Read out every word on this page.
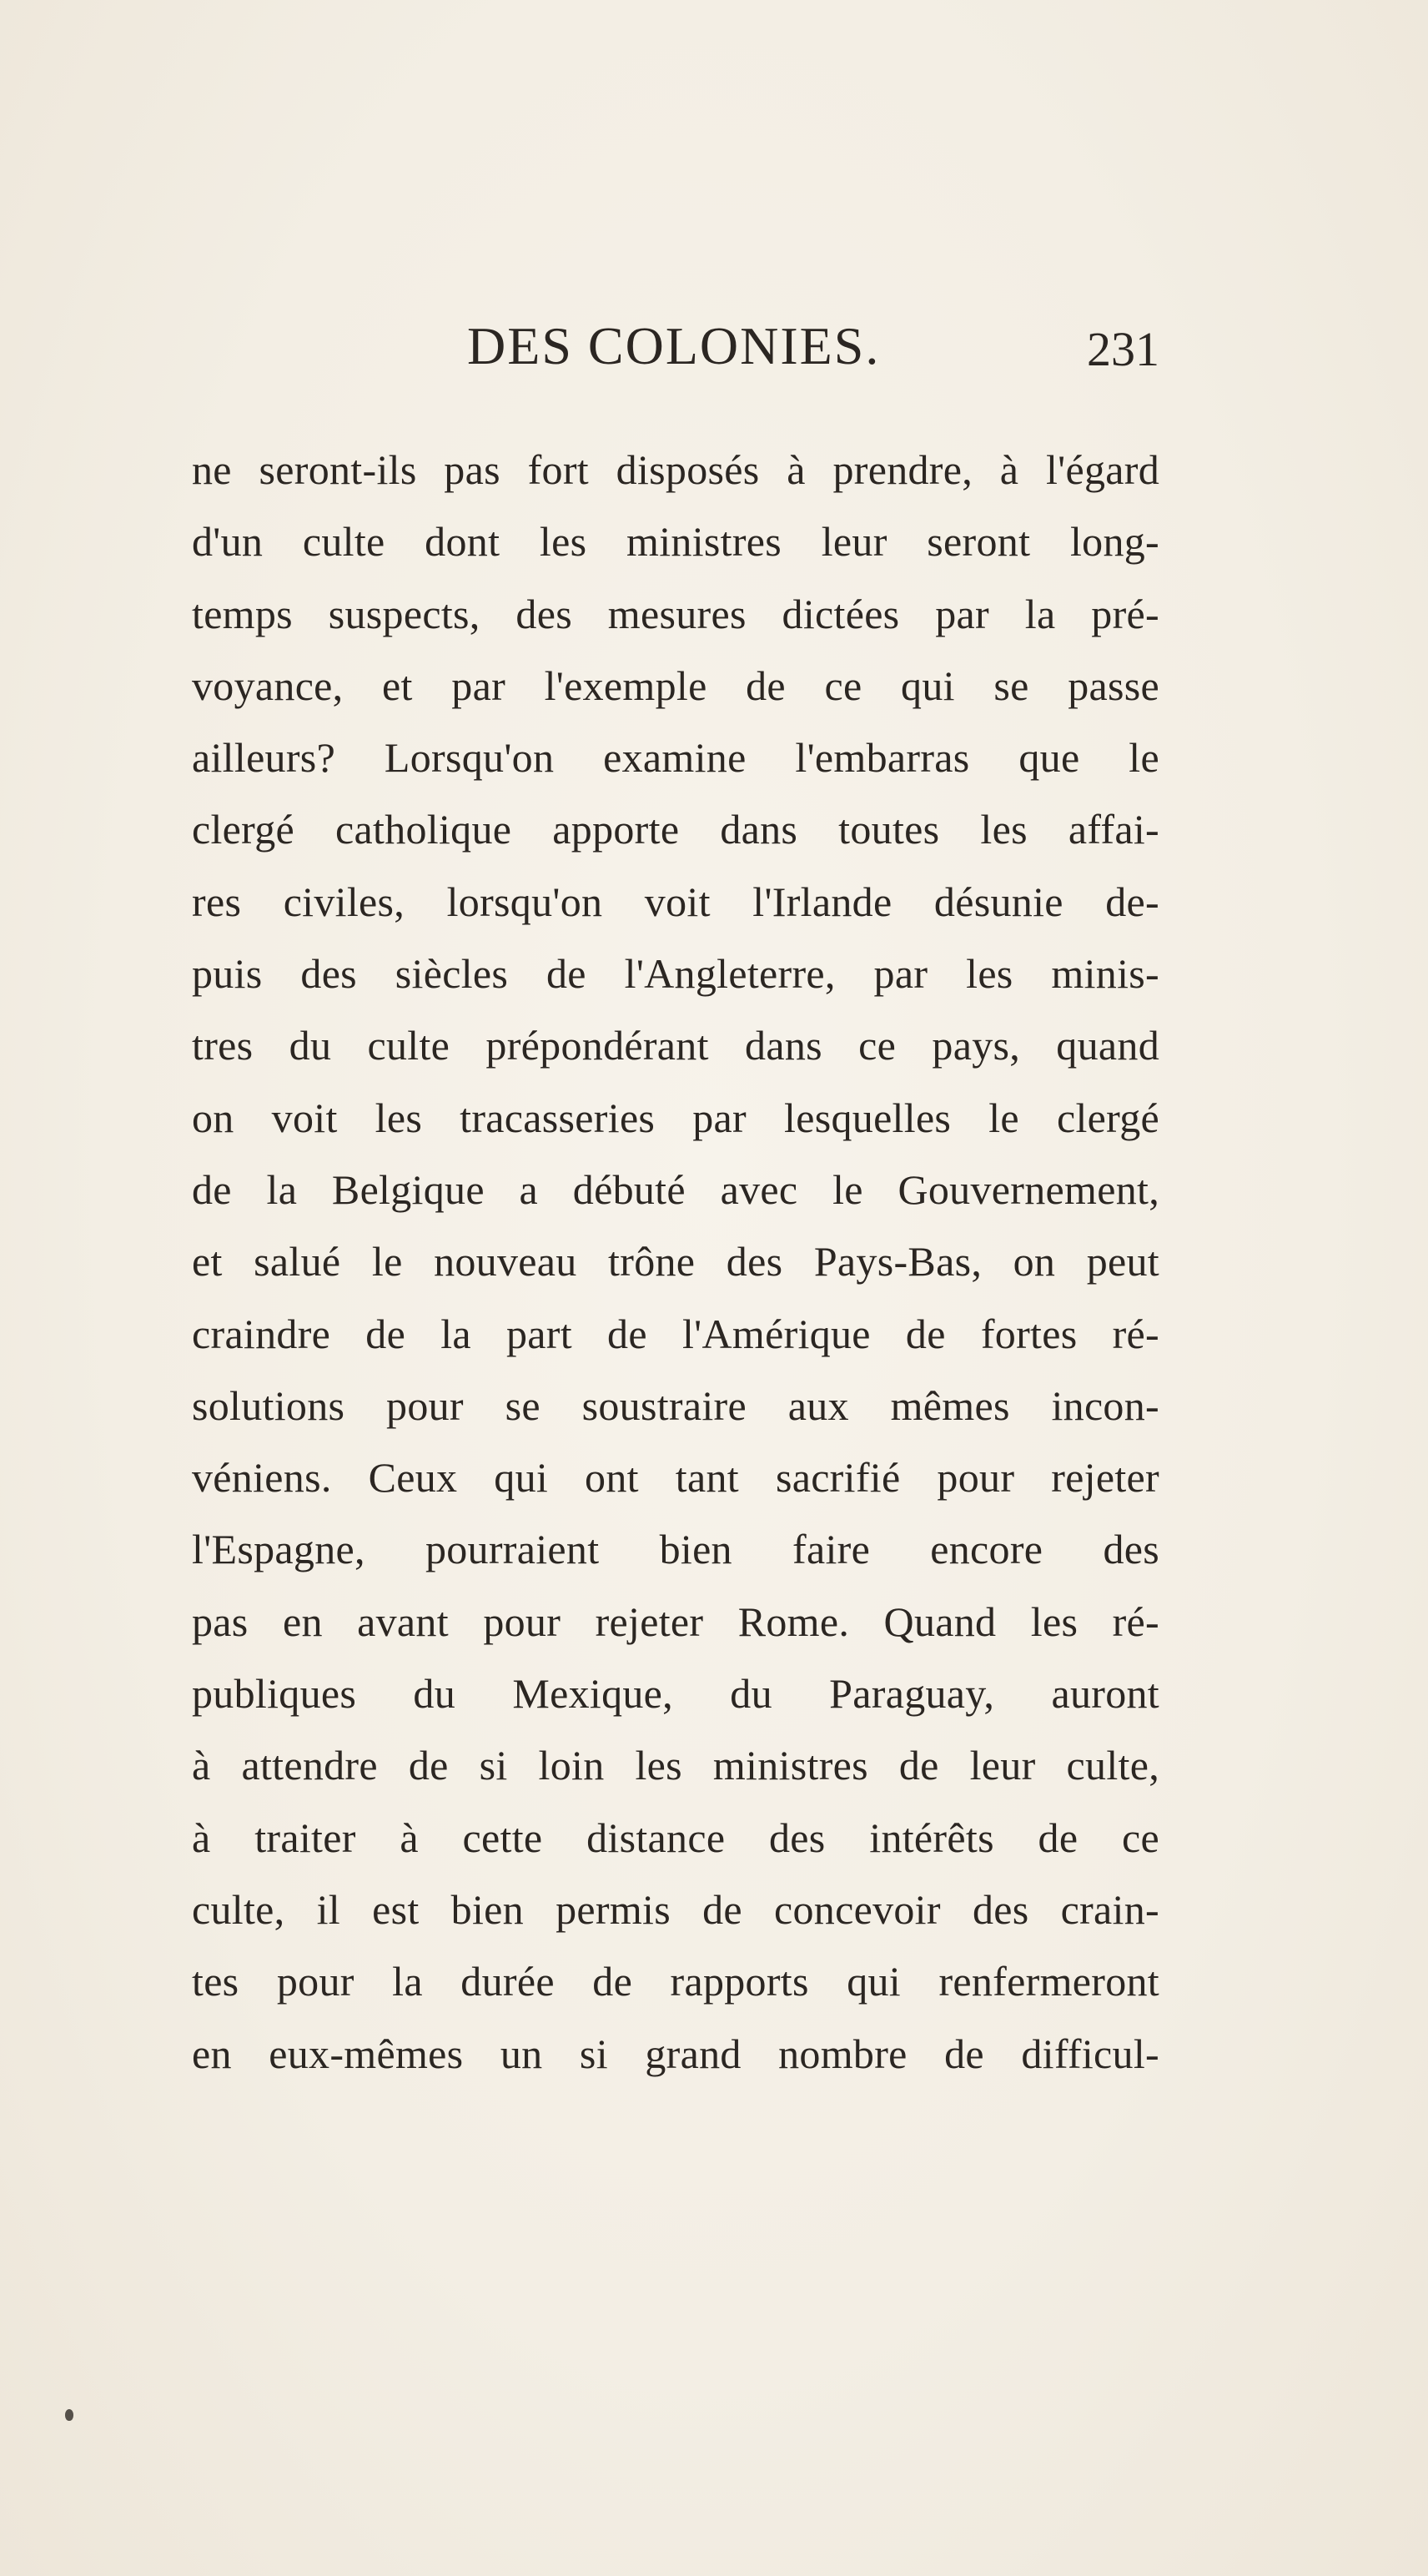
DES COLONIES.	231
ne seront-ils pas fort disposés à prendre, à l'égard
d'un culte dont les ministres leur seront long-
temps suspects, des mesures dictées par la pré-
voyance, et par l'exemple de ce qui se passe
ailleurs? Lorsqu'on examine l'embarras que le
clergé catholique apporte dans toutes les affai-
res civiles, lorsqu'on voit l'Irlande désunie de-
puis des siècles de l'Angleterre, par les minis-
tres du culte prépondérant dans ce pays, quand
on voit les tracasseries par lesquelles le clergé
de la Belgique a débuté avec le Gouvernement,
et salué le nouveau trône des Pays-Bas, on peut
craindre de la part de l'Amérique de fortes ré-
solutions pour se soustraire aux mêmes incon-
véniens. Ceux qui ont tant sacrifié pour rejeter
l'Espagne, pourraient bien faire encore des
pas en avant pour rejeter Rome. Quand les ré-
publiques du Mexique, du Paraguay, auront
à attendre de si loin les ministres de leur culte,
à traiter à cette distance des intérêts de ce
culte, il est bien permis de concevoir des crain-
tes pour la durée de rapports qui renfermeront
en eux-mêmes un si grand nombre de difficul-
